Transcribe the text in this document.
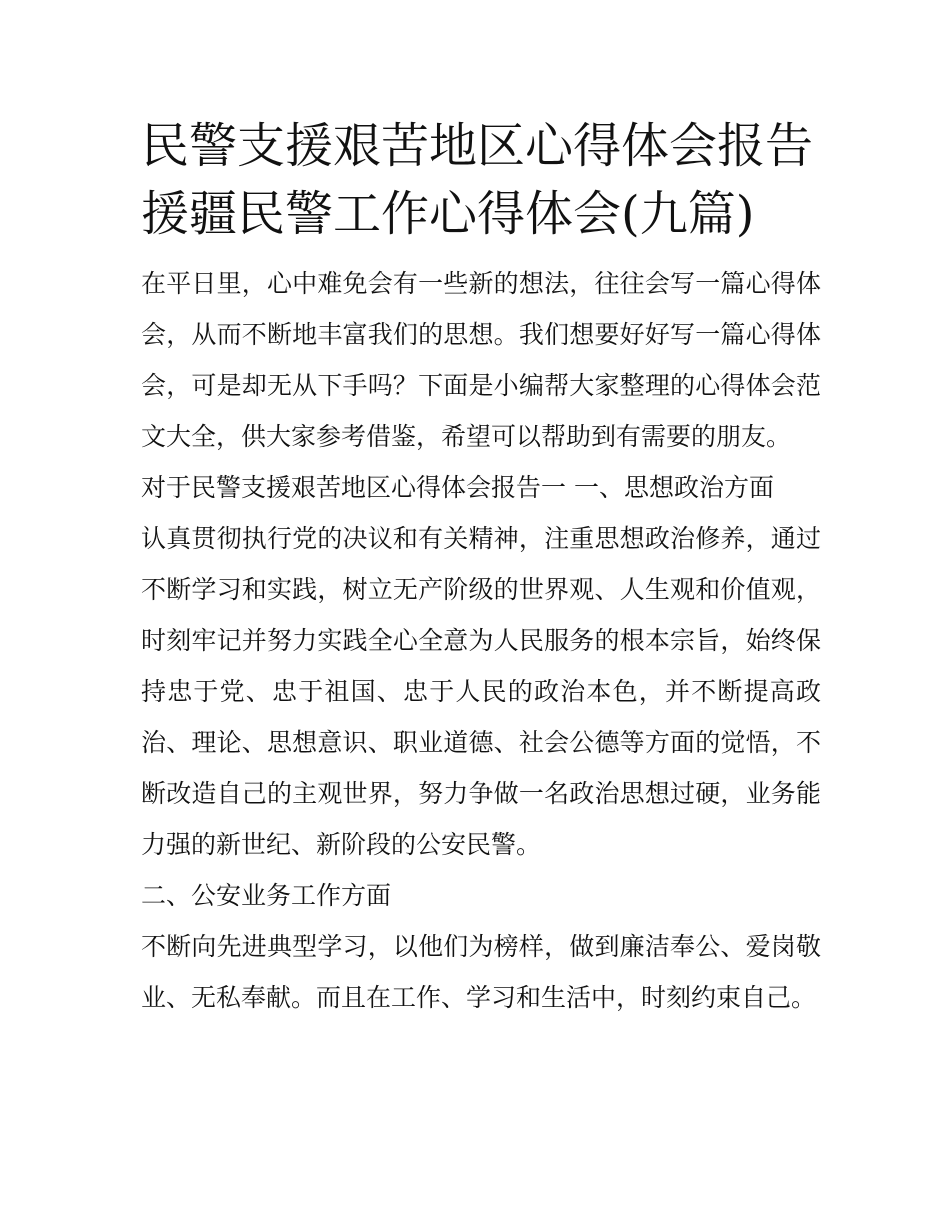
民警支援艰苦地区心得体会报告 援疆民警工作心得体会(九篇)

在平日里，心中难免会有一些新的想法，往往会写一篇心得体会，从而不断地丰富我们的思想。我们想要好好写一篇心得体会，可是却无从下手吗？下面是小编帮大家整理的心得体会范文大全，供大家参考借鉴，希望可以帮助到有需要的朋友。

对于民警支援艰苦地区心得体会报告一 一、思想政治方面

认真贯彻执行党的决议和有关精神，注重思想政治修养，通过不断学习和实践，树立无产阶级的世界观、人生观和价值观，时刻牢记并努力实践全心全意为人民服务的根本宗旨，始终保持忠于党、忠于祖国、忠于人民的政治本色，并不断提高政治、理论、思想意识、职业道德、社会公德等方面的觉悟，不断改造自己的主观世界，努力争做一名政治思想过硬，业务能力强的新世纪、新阶段的公安民警。

二、公安业务工作方面

不断向先进典型学习，以他们为榜样，做到廉洁奉公、爱岗敬业、无私奉献。而且在工作、学习和生活中，时刻约束自己。
